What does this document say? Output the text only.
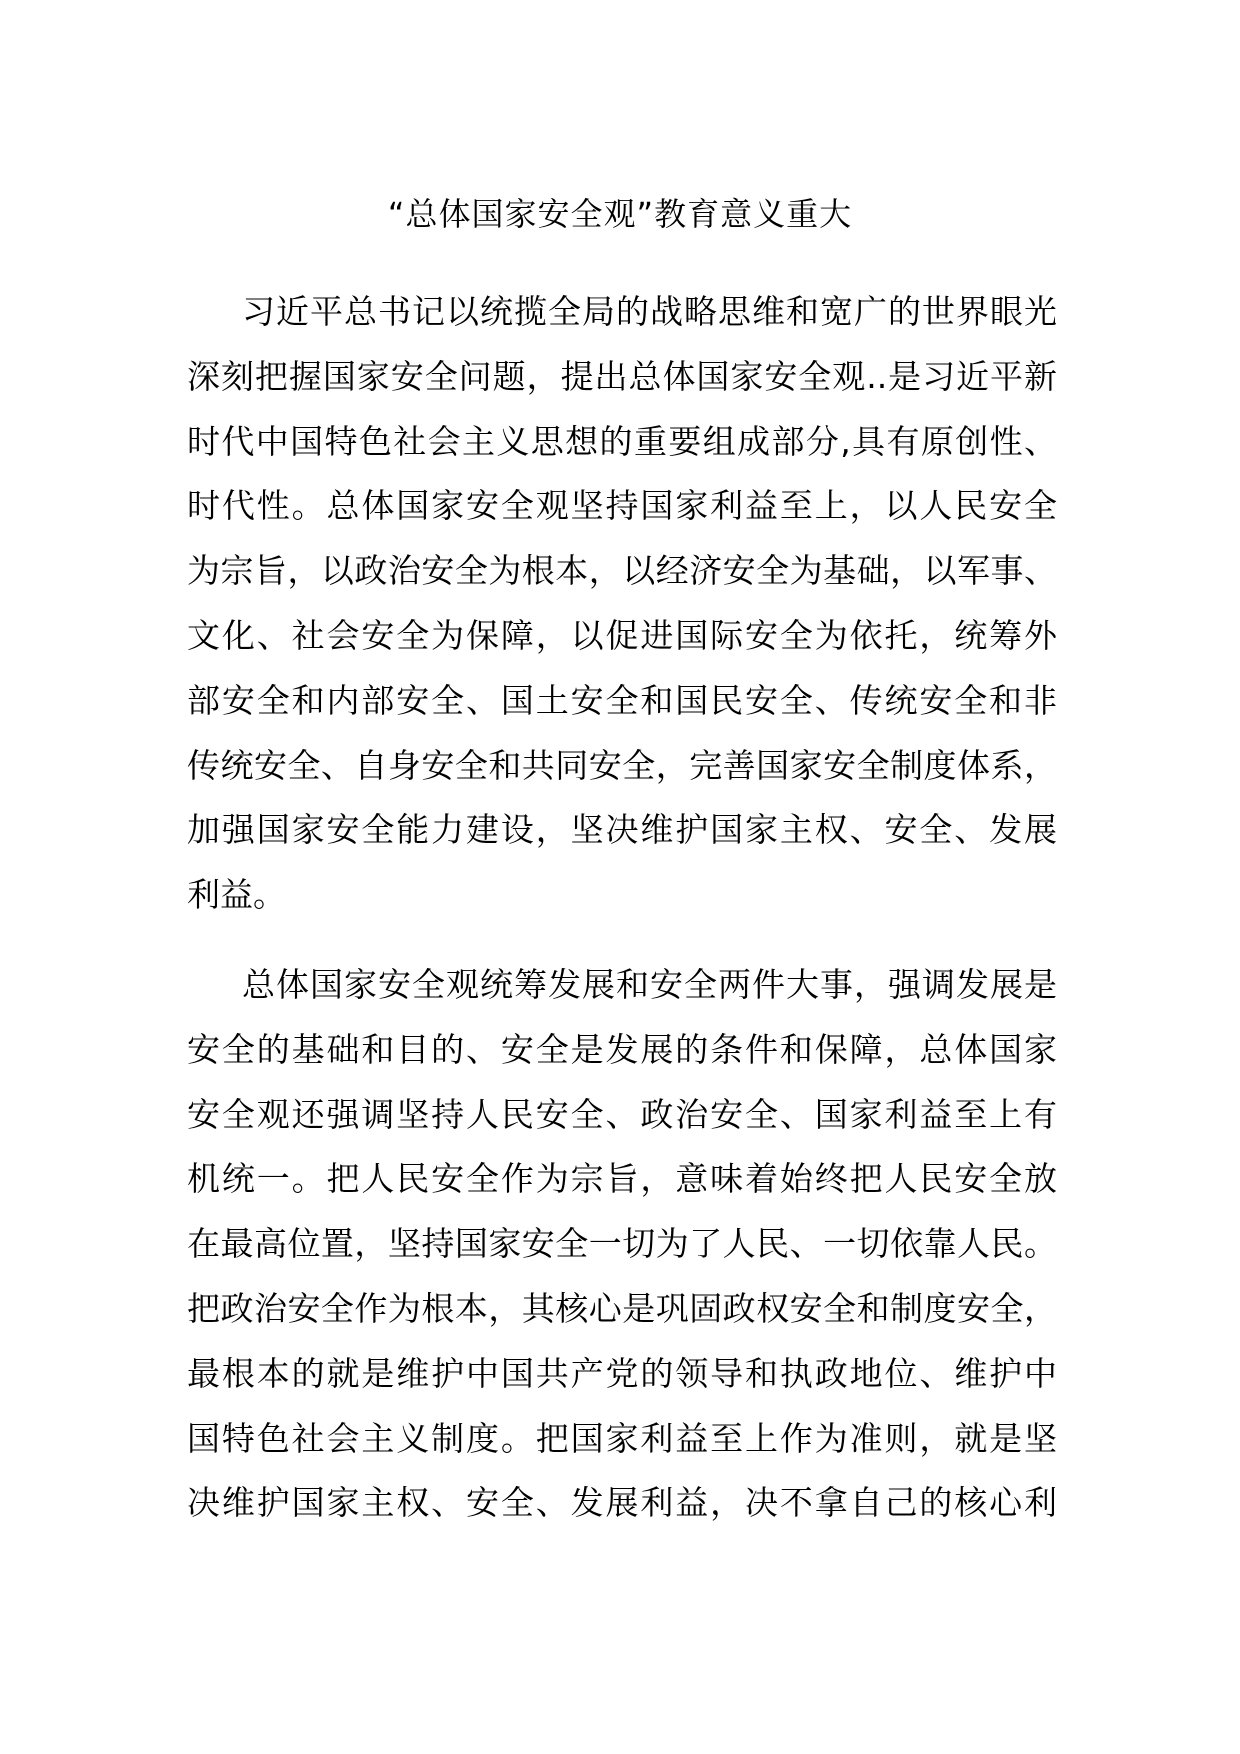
“总体国家安全观”教育意义重大
习近平总书记以统揽全局的战略思维和宽广的世界眼光
深刻把握国家安全问题，提出总体国家安全观..是习近平新
时代中国特色社会主义思想的重要组成部分,具有原创性、
时代性。总体国家安全观坚持国家利益至上，以人民安全
为宗旨，以政治安全为根本，以经济安全为基础，以军事、
文化、社会安全为保障，以促进国际安全为依托，统筹外
部安全和内部安全、国土安全和国民安全、传统安全和非
传统安全、自身安全和共同安全，完善国家安全制度体系，
加强国家安全能力建设，坚决维护国家主权、安全、发展
利益。
总体国家安全观统筹发展和安全两件大事，强调发展是
安全的基础和目的、安全是发展的条件和保障，总体国家
安全观还强调坚持人民安全、政治安全、国家利益至上有
机统一。把人民安全作为宗旨，意味着始终把人民安全放
在最高位置，坚持国家安全一切为了人民、一切依靠人民。
把政治安全作为根本，其核心是巩固政权安全和制度安全，
最根本的就是维护中国共产党的领导和执政地位、维护中
国特色社会主义制度。把国家利益至上作为准则，就是坚
决维护国家主权、安全、发展利益，决不拿自己的核心利
